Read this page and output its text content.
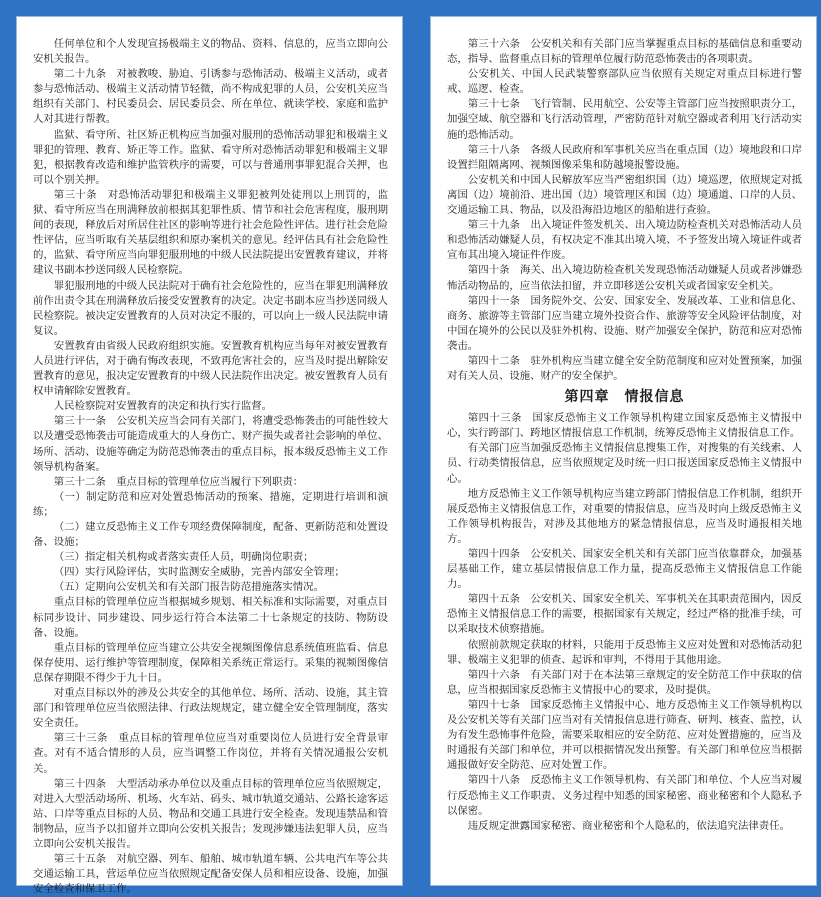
任何单位和个人发现宣扬极端主义的物品、资料、信息的，应当立即向公安机关报告。

第二十九条　对被教唆、胁迫、引诱参与恐怖活动、极端主义活动，或者参与恐怖活动、极端主义活动情节轻微，尚不构成犯罪的人员，公安机关应当组织有关部门、村民委员会、居民委员会、所在单位、就读学校、家庭和监护人对其进行帮教。

监狱、看守所、社区矫正机构应当加强对服刑的恐怖活动罪犯和极端主义罪犯的管理、教育、矫正等工作。监狱、看守所对恐怖活动罪犯和极端主义罪犯，根据教育改造和维护监管秩序的需要，可以与普通刑事罪犯混合关押，也可以个别关押。

第三十条　对恐怖活动罪犯和极端主义罪犯被判处徒刑以上刑罚的，监狱、看守所应当在刑满释放前根据其犯罪性质、情节和社会危害程度，服刑期间的表现，释放后对所居住社区的影响等进行社会危险性评估。进行社会危险性评估，应当听取有关基层组织和原办案机关的意见。经评估具有社会危险性的，监狱、看守所应当向罪犯服刑地的中级人民法院提出安置教育建议，并将建议书副本抄送同级人民检察院。

罪犯服刑地的中级人民法院对于确有社会危险性的，应当在罪犯刑满释放前作出责令其在刑满释放后接受安置教育的决定。决定书副本应当抄送同级人民检察院。被决定安置教育的人员对决定不服的，可以向上一级人民法院申请复议。

安置教育由省级人民政府组织实施。安置教育机构应当每年对被安置教育人员进行评估，对于确有悔改表现，不致再危害社会的，应当及时提出解除安置教育的意见，报决定安置教育的中级人民法院作出决定。被安置教育人员有权申请解除安置教育。

人民检察院对安置教育的决定和执行实行监督。

第三十一条　公安机关应当会同有关部门，将遭受恐怖袭击的可能性较大以及遭受恐怖袭击可能造成重大的人身伤亡、财产损失或者社会影响的单位、场所、活动、设施等确定为防范恐怖袭击的重点目标，报本级反恐怖主义工作领导机构备案。

第三十二条　重点目标的管理单位应当履行下列职责：

（一）制定防范和应对处置恐怖活动的预案、措施，定期进行培训和演练；

（二）建立反恐怖主义工作专项经费保障制度，配备、更新防范和处置设备、设施；

（三）指定相关机构或者落实责任人员，明确岗位职责；

（四）实行风险评估，实时监测安全威胁，完善内部安全管理；

（五）定期向公安机关和有关部门报告防范措施落实情况。

重点目标的管理单位应当根据城乡规划、相关标准和实际需要，对重点目标同步设计、同步建设、同步运行符合本法第二十七条规定的技防、物防设备、设施。

重点目标的管理单位应当建立公共安全视频图像信息系统值班监看、信息保存使用、运行维护等管理制度，保障相关系统正常运行。采集的视频图像信息保存期限不得少于九十日。

对重点目标以外的涉及公共安全的其他单位、场所、活动、设施，其主管部门和管理单位应当依照法律、行政法规规定，建立健全安全管理制度，落实安全责任。

第三十三条　重点目标的管理单位应当对重要岗位人员进行安全背景审查。对有不适合情形的人员，应当调整工作岗位，并将有关情况通报公安机关。

第三十四条　大型活动承办单位以及重点目标的管理单位应当依照规定，对进入大型活动场所、机场、火车站、码头、城市轨道交通站、公路长途客运站、口岸等重点目标的人员、物品和交通工具进行安全检查。发现违禁品和管制物品，应当予以扣留并立即向公安机关报告；发现涉嫌违法犯罪人员，应当立即向公安机关报告。

第三十五条　对航空器、列车、船舶、城市轨道车辆、公共电汽车等公共交通运输工具，营运单位应当依照规定配备安保人员和相应设备、设施，加强安全检查和保卫工作。

第三十六条　公安机关和有关部门应当掌握重点目标的基础信息和重要动态，指导、监督重点目标的管理单位履行防范恐怖袭击的各项职责。

公安机关、中国人民武装警察部队应当依照有关规定对重点目标进行警戒、巡逻、检查。

第三十七条　飞行管制、民用航空、公安等主管部门应当按照职责分工，加强空域、航空器和飞行活动管理，严密防范针对航空器或者利用飞行活动实施的恐怖活动。

第三十八条　各级人民政府和军事机关应当在重点国（边）境地段和口岸设置拦阻隔离网、视频图像采集和防越境报警设施。

公安机关和中国人民解放军应当严密组织国（边）境巡逻，依照规定对抵离国（边）境前沿、进出国（边）境管理区和国（边）境通道、口岸的人员、交通运输工具、物品，以及沿海沿边地区的船舶进行查验。

第三十九条　出入境证件签发机关、出入境边防检查机关对恐怖活动人员和恐怖活动嫌疑人员，有权决定不准其出境入境、不予签发出境入境证件或者宣布其出境入境证件作废。

第四十条　海关、出入境边防检查机关发现恐怖活动嫌疑人员或者涉嫌恐怖活动物品的，应当依法扣留，并立即移送公安机关或者国家安全机关。

第四十一条　国务院外交、公安、国家安全、发展改革、工业和信息化、商务、旅游等主管部门应当建立境外投资合作、旅游等安全风险评估制度，对中国在境外的公民以及驻外机构、设施、财产加强安全保护，防范和应对恐怖袭击。

第四十二条　驻外机构应当建立健全安全防范制度和应对处置预案，加强对有关人员、设施、财产的安全保护。

第四章　情报信息

第四十三条　国家反恐怖主义工作领导机构建立国家反恐怖主义情报中心，实行跨部门、跨地区情报信息工作机制，统筹反恐怖主义情报信息工作。

有关部门应当加强反恐怖主义情报信息搜集工作，对搜集的有关线索、人员、行动类情报信息，应当依照规定及时统一归口报送国家反恐怖主义情报中心。

地方反恐怖主义工作领导机构应当建立跨部门情报信息工作机制，组织开展反恐怖主义情报信息工作，对重要的情报信息，应当及时向上级反恐怖主义工作领导机构报告，对涉及其他地方的紧急情报信息，应当及时通报相关地方。

第四十四条　公安机关、国家安全机关和有关部门应当依靠群众，加强基层基础工作，建立基层情报信息工作力量，提高反恐怖主义情报信息工作能力。

第四十五条　公安机关、国家安全机关、军事机关在其职责范围内，因反恐怖主义情报信息工作的需要，根据国家有关规定，经过严格的批准手续，可以采取技术侦察措施。

依照前款规定获取的材料，只能用于反恐怖主义应对处置和对恐怖活动犯罪、极端主义犯罪的侦查、起诉和审判，不得用于其他用途。

第四十六条　有关部门对于在本法第三章规定的安全防范工作中获取的信息，应当根据国家反恐怖主义情报中心的要求，及时提供。

第四十七条　国家反恐怖主义情报中心、地方反恐怖主义工作领导机构以及公安机关等有关部门应当对有关情报信息进行筛查、研判、核查、监控，认为有发生恐怖事件危险，需要采取相应的安全防范、应对处置措施的，应当及时通报有关部门和单位，并可以根据情况发出预警。有关部门和单位应当根据通报做好安全防范、应对处置工作。

第四十八条　反恐怖主义工作领导机构、有关部门和单位、个人应当对履行反恐怖主义工作职责、义务过程中知悉的国家秘密、商业秘密和个人隐私予以保密。

违反规定泄露国家秘密、商业秘密和个人隐私的，依法追究法律责任。
